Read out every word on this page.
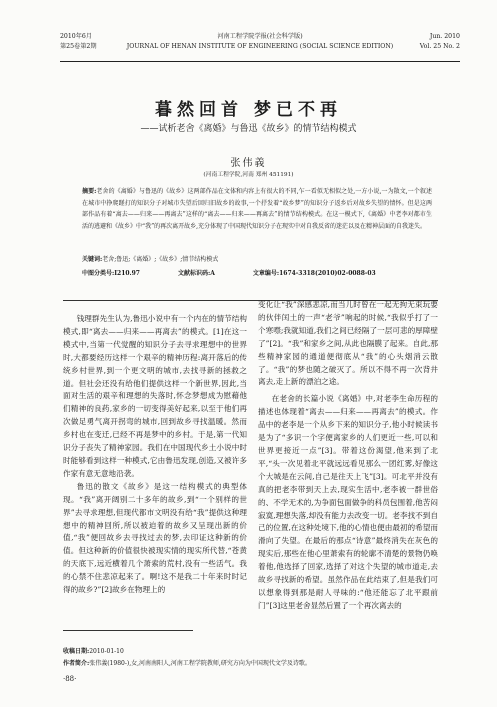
2010年6月	河南工程学院学报(社会科学版)	Jun. 2010
第25卷第2期	JOURNAL OF HENAN INSTITUTE OF ENGINEERING (SOCIAL SCIENCE EDITION)	Vol. 25 No. 2
暮然回首 梦已不再
——试析老舍《离婚》与鲁迅《故乡》的情节结构模式
张伟義
(河南工程学院,河南 郑州 451191)
摘要:老舍的《离婚》与鲁迅的《故乡》这两部作品在文体和内容上有很大的不同,乍一看似无相似之处,一方小说,一为散文,一个叙述在城市中挣爬蹉打的知识分子对城市失望后回归旧故乡的故事,一个抒发着“故乡梦”的知识分子返乡后对故乡失望的情怀。但是这两部作品有着“离去——归来——再离去”这样的“离去——归来——再离去”的情节结构模式。在这一模式下,《离婚》中老李对都市生活的逃避和《故乡》中“我”的再次离开故乡,充分体现了中国现代知识分子在现实中对自我反省的迷茫以及在精神层面的自我迷失。
关键词:老舍;鲁迅;《离婚》;《故乡》;情节结构模式
中图分类号:I210.97	文献标识码:A	文章编号:1674-3318(2010)02-0088-03

钱理群先生认为,鲁迅小说中有一个内在的情节结构模式,即“离去——归来——再离去”的模式。[1]在这一模式中,当第一代觉醒的知识分子去寻求理想中的世界时,大都要经历这样一个艰辛的精神历程:离开落后的传统乡村世界,到一个更文明的城市,去找寻新的拯救之道。但社会还没有给他们提供这样一个新世界,因此,当面对生活的艰辛和理想的失落时,怀念梦想成为慰藉他们精神的良药,家乡的一切变得美好起来,以至于他们再次做足勇气离开拐弯的城市,回到故乡寻找温暖。然而乡村也在变迁,已经不再是梦中的乡村。于是,第一代知识分子丧失了精神家园。我们在中国现代乡土小说中时时能够看到这样一种模式,它由鲁迅发现,创造,又被许多作家有意无意地沿袭。

鲁迅的散文《故乡》是这一结构模式的典型体现。“我”离开阔别二十多年的故乡,到“一个别样的世界”去寻求理想,但现代都市文明没有给“我”提供这种理想中的精神回所,所以被迫着的故乡又呈现出新的价值,“我”便回故乡去寻找过去的梦,去印证这种新的价值。但这种新的价值很快被现实情的现实所代替,“苍黄的天底下,远近横着几个萧索的荒村,没有一些活气。我的心禁不住悲凉起来了。啊!这不是我二十年来时时记得的故乡?”[2]故乡在物理上的

变化让“我”深感悲凉,而当儿时曾在一起无拘无束玩要的伙伴闰土的一声“老爷”响起的时候,“我似乎打了一个寒噤;我就知道,我们之间已经隔了一层可悲的厚障壁了”[2]。“我”和家乡之间,从此也隔膜了起来。自此,那些精神家园的通道便彻底从“我”的心头烟消云散了。“我”的梦也随之破灭了。所以不得不再一次背井离去,走上新的漂泊之途。

在老舍的长篇小说《离婚》中,对老李生命历程的描述也体现着“离去——归来——再离去”的模式。作品中的老李是一个从乡下来的知识分子,他小时候读书是为了“多识一个字便离家乡的人们更近一些,可以和世界更接近一点”[3]。带着这份渴望,他来到了北平,“头一次见着北平就远远看见那么一团红雾,好像这个大城是在云间,自己是往天上飞”[3]。可北平并没有真的把老李带到天上去,现实生活中,老李被一群世俗的、不学无术的,为争面包面做争的科员包围着,他苦闷寂寞,理想失落,却没有能力去改变一切。老李找不到自己的位置,在这种处境下,他的心情也便由最初的希望而滑向了失望。在最后的那点“诗意”最终消失在灰色的现实后,那些在他心里萧索有的轮廓不清楚的景物仍唤着他,他选择了回家,选择了对这个失望的城市道走,去故乡寻找新的希望。虽然作品在此结束了,但是我们可以想象得到那是耐人寻味的:“他还能忘了北平跟前门”[3]这里老舍显然后置了一个再次离去的

收稿日期:2010-01-10
作者简介:张伟義(1980-),女,河南南阳人,河南工程学院教师,研究方向为中国现代文学及诗歌。
·88·
